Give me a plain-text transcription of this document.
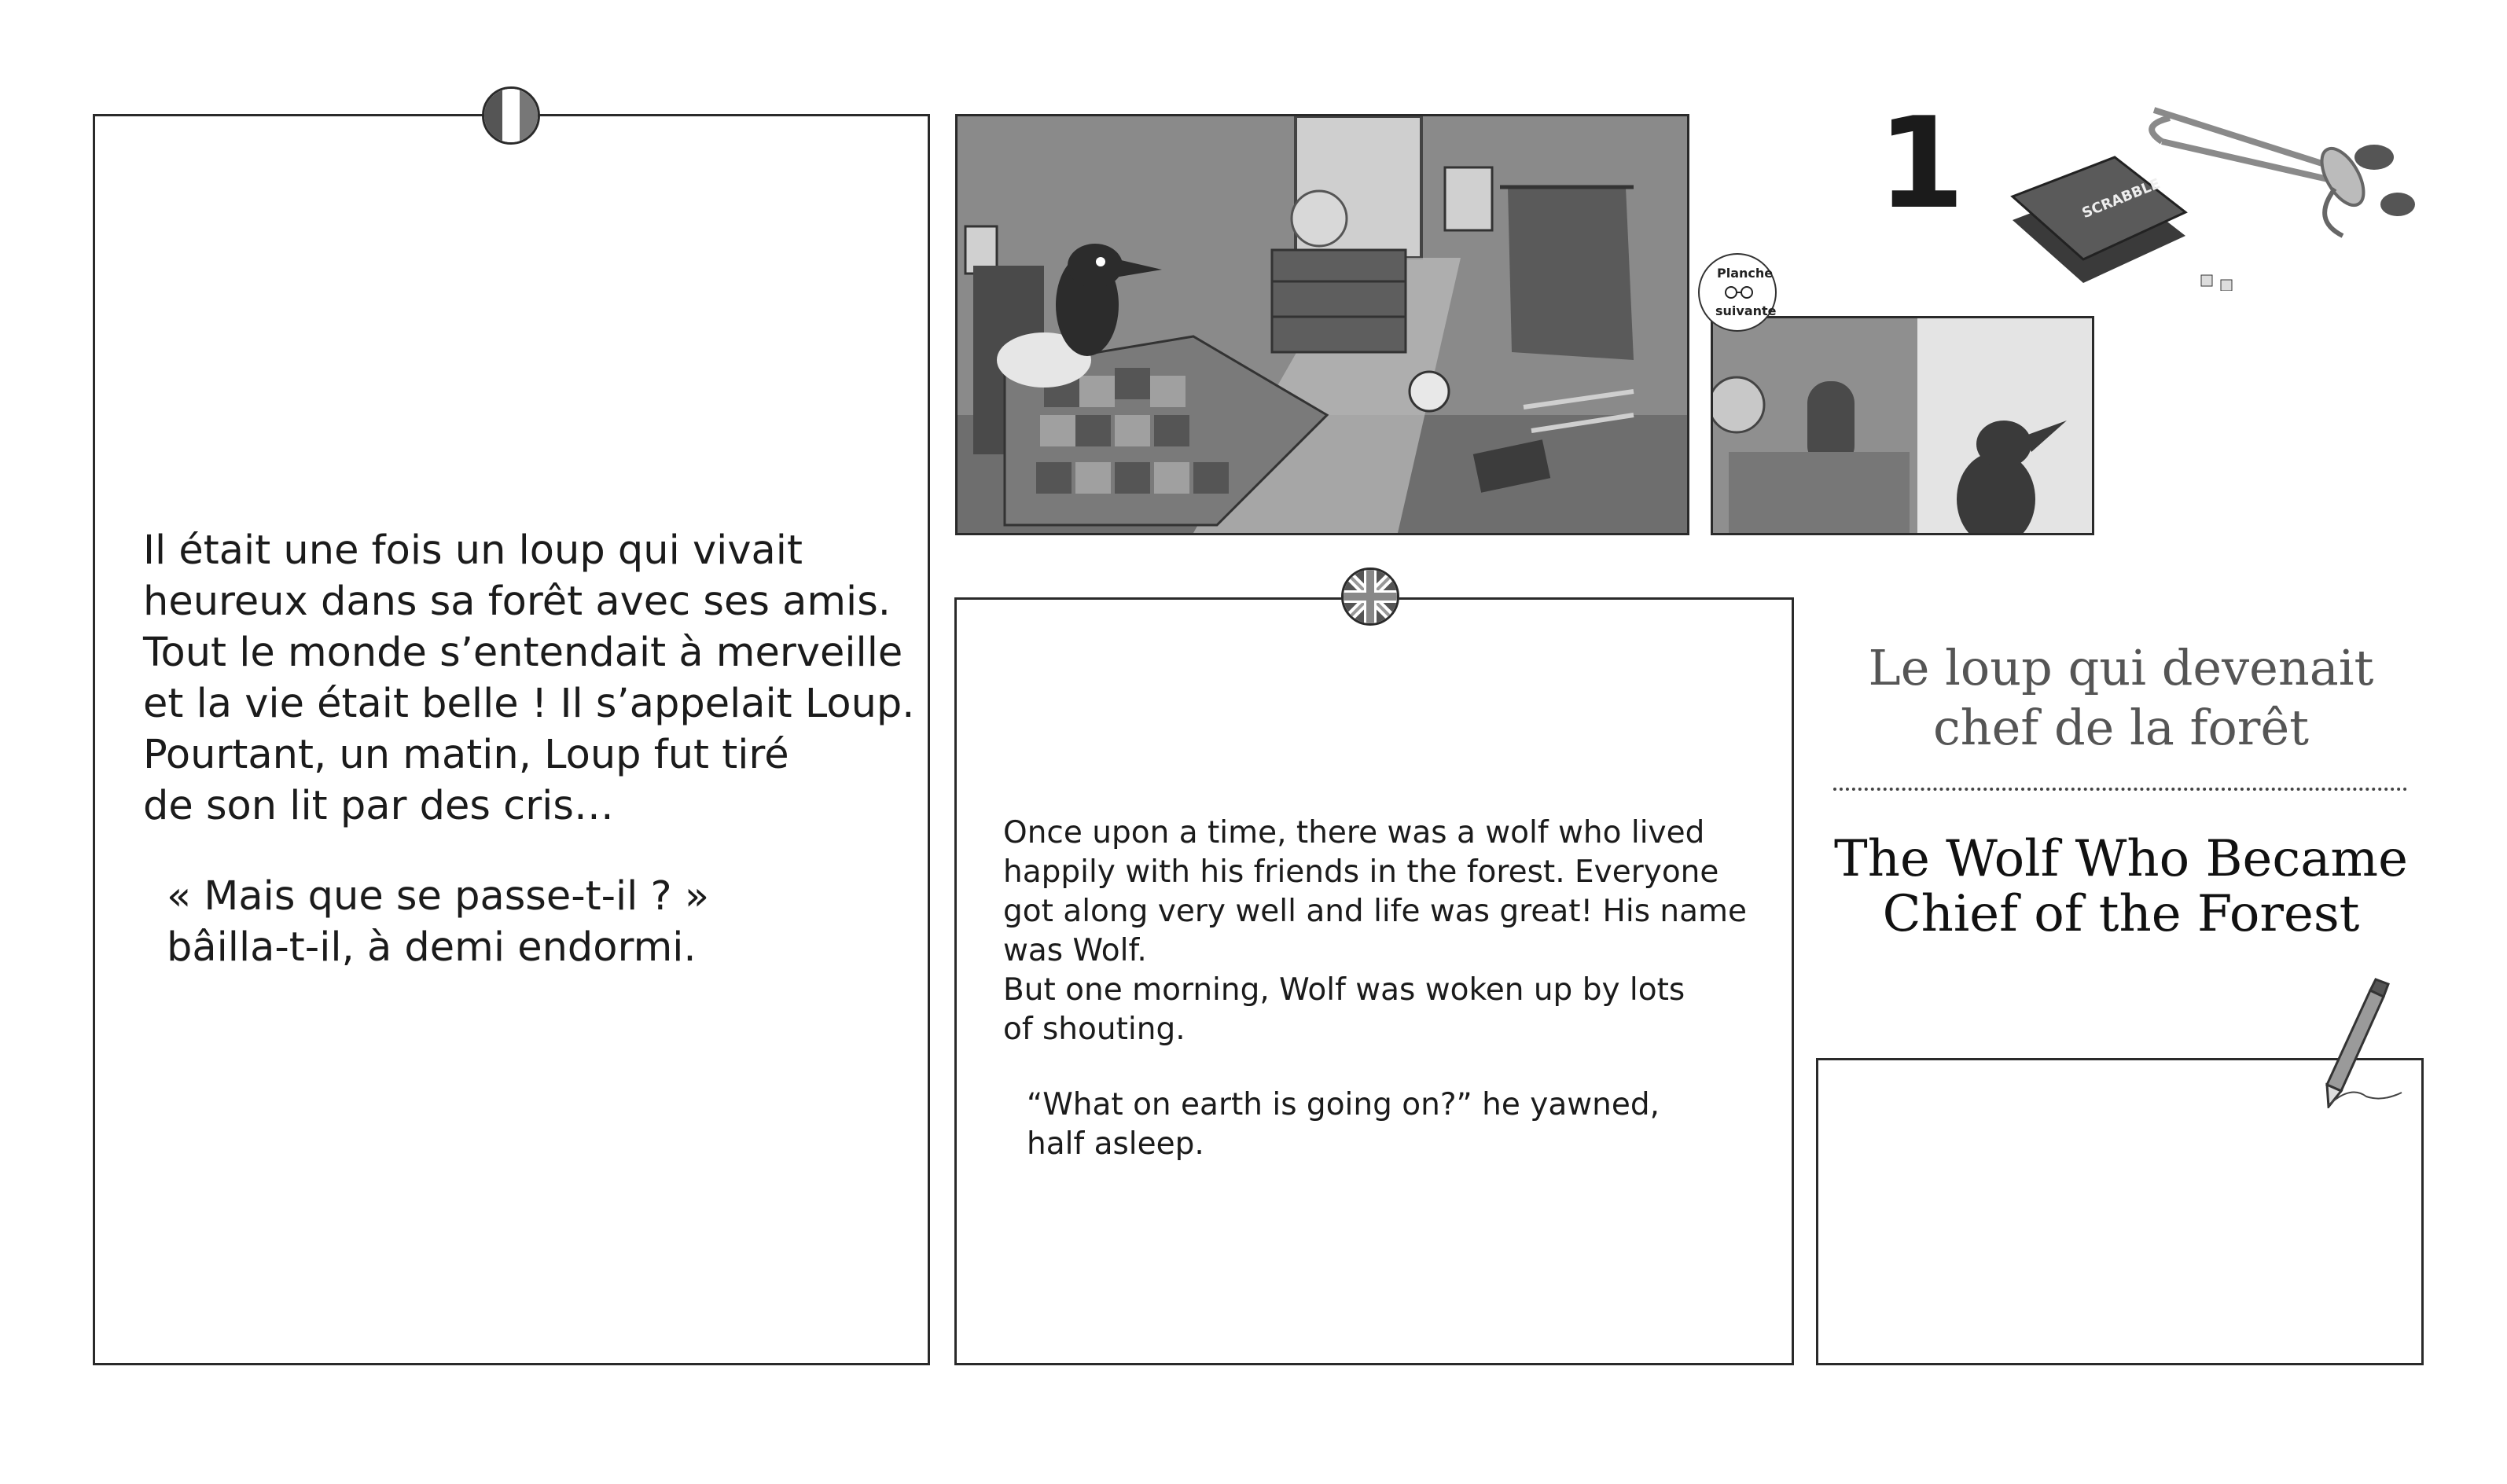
Il était une fois un loup qui vivait
heureux dans sa forêt avec ses amis.
Tout le monde s’entendait à merveille
et la vie était belle ! Il s’appelait Loup.
Pourtant, un matin, Loup fut tiré
de son lit par des cris…
« Mais que se passe-t-il ? »
bâilla-t-il, à demi endormi.
Planche
suivante
1	SCRABBLE
Once upon a time, there was a wolf who lived
happily with his friends in the forest. Everyone
got along very well and life was great! His name
was Wolf.
But one morning, Wolf was woken up by lots
of shouting.
“What on earth is going on?” he yawned,
half asleep.
Le loup qui devenait
chef de la forêt
The Wolf Who Became
Chief of the Forest
